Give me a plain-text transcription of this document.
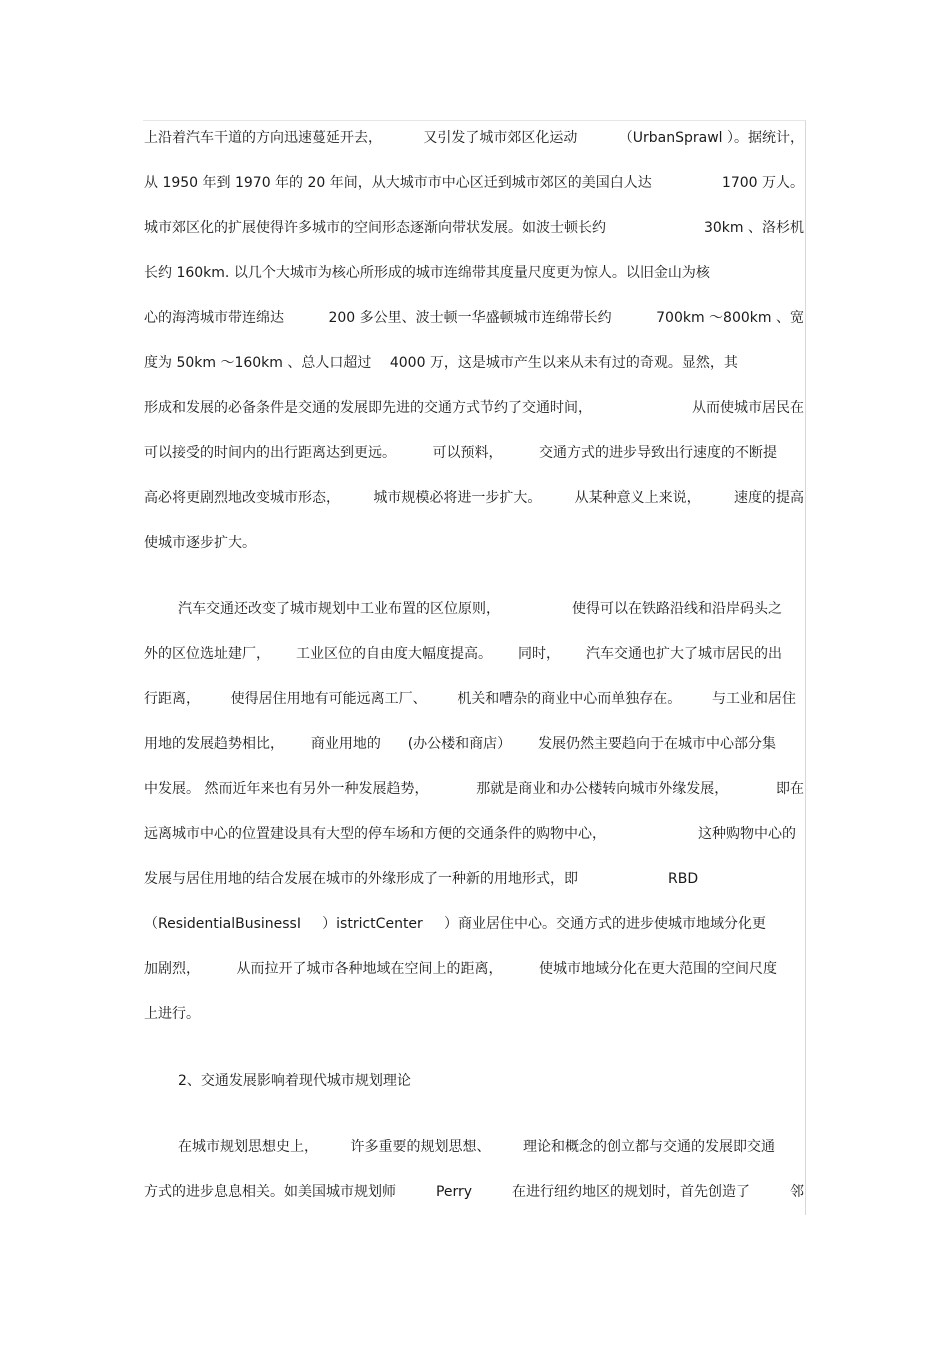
上沿着汽车干道的方向迅速蔓延开去，	又引发了城市郊区化运动	（UrbanSprawl ）。据统计，
从 1950 年到 1970 年的 20 年间，从大城市市中心区迁到城市郊区的美国白人达	1700 万人。
城市郊区化的扩展使得许多城市的空间形态逐渐向带状发展。如波士顿长约	30km 、洛杉机
长约 160km. 以几个大城市为核心所形成的城市连绵带其度量尺度更为惊人。以旧金山为核
心的海湾城市带连绵达	200 多公里、波士顿一华盛顿城市连绵带长约	700km ～800km 、宽
度为 50km ～160km 、总人口超过 4000 万，这是城市产生以来从未有过的奇观。显然，其
形成和发展的必备条件是交通的发展即先进的交通方式节约了交通时间，	从而使城市居民在
可以接受的时间内的出行距离达到更远。	可以预料，	交通方式的进步导致出行速度的不断提
高必将更剧烈地改变城市形态， 城市规模必将进一步扩大。 从某种意义上来说， 速度的提高
使城市逐步扩大。
汽车交通还改变了城市规划中工业布置的区位原则，	使得可以在铁路沿线和沿岸码头之
外的区位选址建厂， 工业区位的自由度大幅度提高。 同时， 汽车交通也扩大了城市居民的出
行距离， 使得居住用地有可能远离工厂、 机关和嘈杂的商业中心而单独存在。 与工业和居住
用地的发展趋势相比， 商业用地的 (办公楼和商店） 发展仍然主要趋向于在城市中心部分集
中发展。 然而近年来也有另外一种发展趋势，	那就是商业和办公楼转向城市外缘发展，	即在
远离城市中心的位置建设具有大型的停车场和方便的交通条件的购物中心，	这种购物中心的
发展与居住用地的结合发展在城市的外缘形成了一种新的用地形式，即	RBD
（ResidentialBusinessI ）istrictCenter ）商业居住中心。交通方式的进步使城市地域分化更
加剧烈，	从而拉开了城市各种地域在空间上的距离，	使城市地域分化在更大范围的空间尺度
上进行。
2、交通发展影响着现代城市规划理论
在城市规划思想史上， 许多重要的规划思想、 理论和概念的创立都与交通的发展即交通
方式的进步息息相关。如美国城市规划师	Perry	在进行纽约地区的规划时，首先创造了	邻
